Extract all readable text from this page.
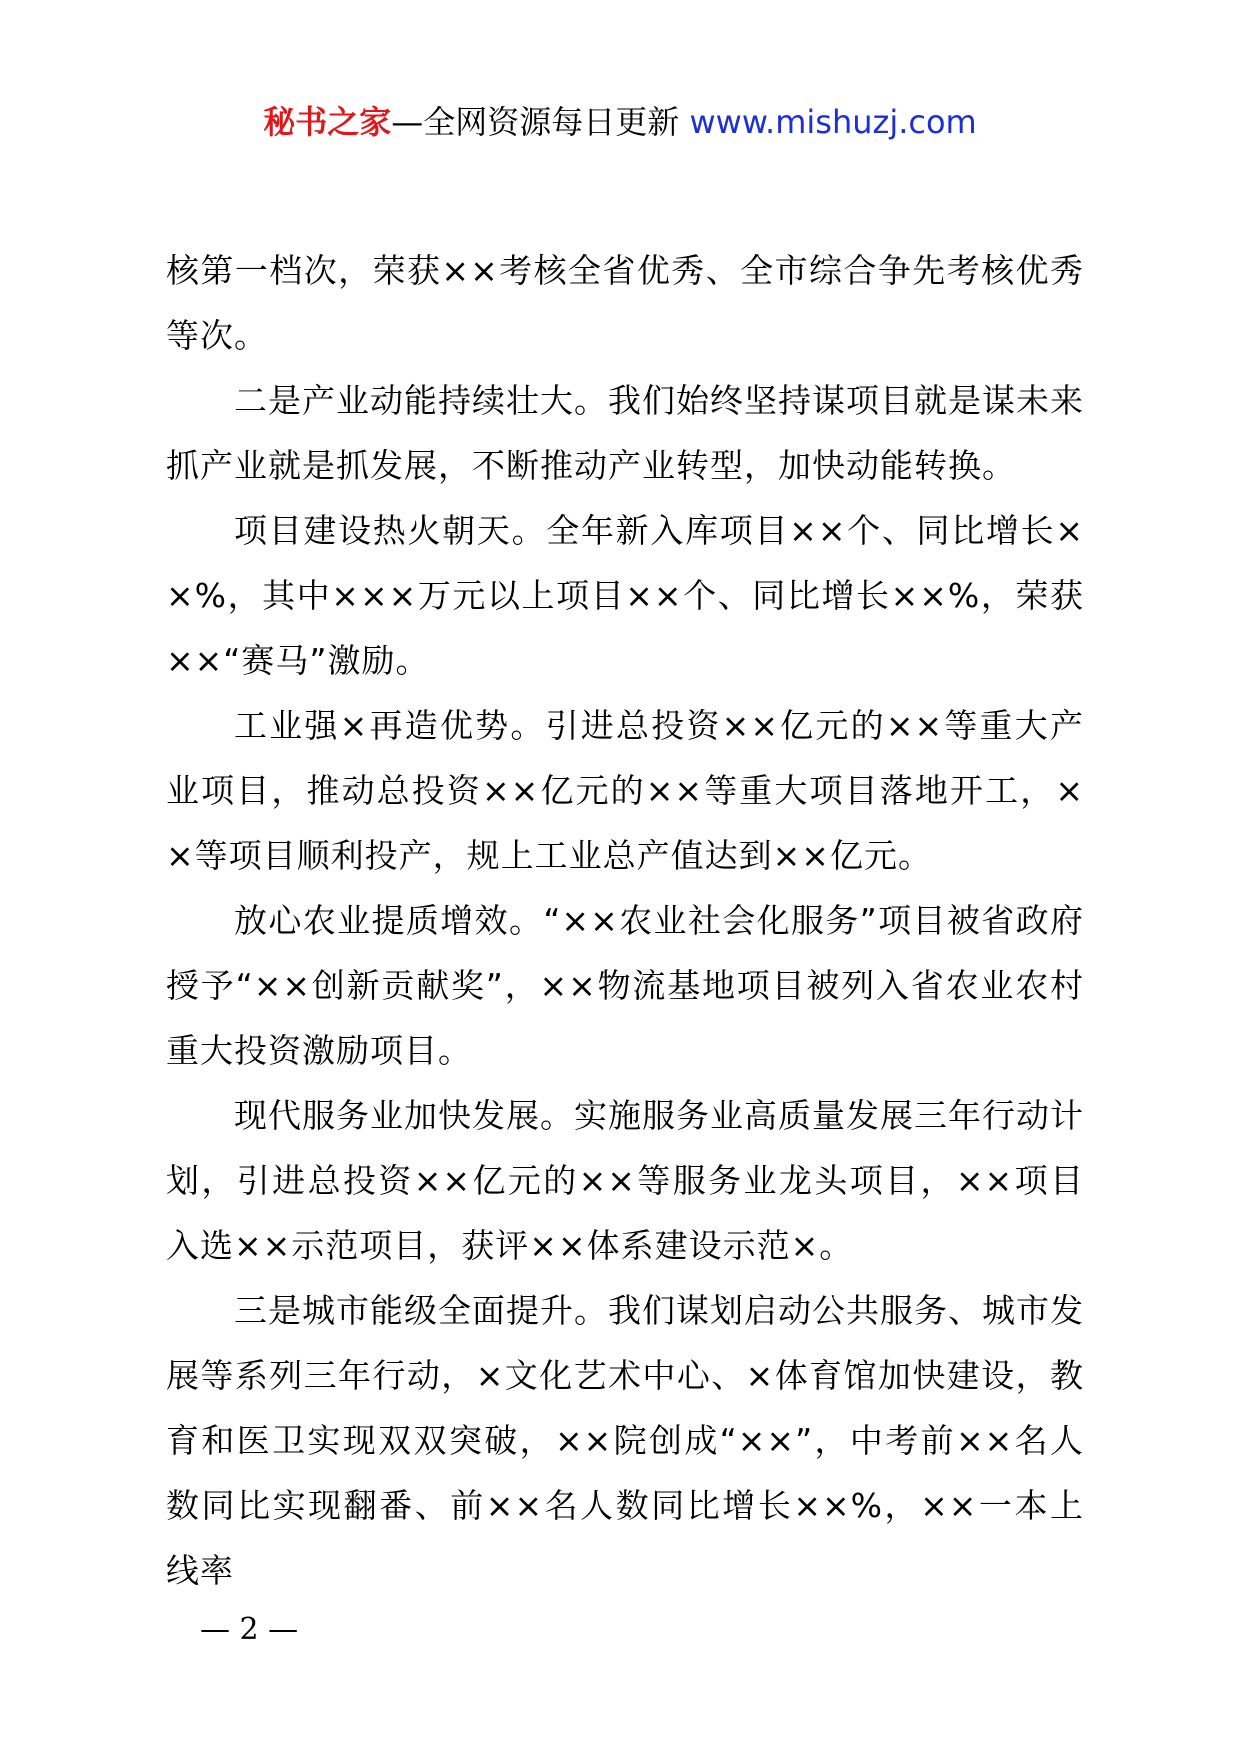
秘书之家—全网资源每日更新 www.mishuzj.com

核第一档次，荣获××考核全省优秀、全市综合争先考核优秀等次。

二是产业动能持续壮大。我们始终坚持谋项目就是谋未来抓产业就是抓发展，不断推动产业转型，加快动能转换。

项目建设热火朝天。全年新入库项目××个、同比增长××%，其中×××万元以上项目××个、同比增长××%，荣获××“赛马”激励。

工业强×再造优势。引进总投资××亿元的××等重大产业项目，推动总投资××亿元的××等重大项目落地开工，××等项目顺利投产，规上工业总产值达到××亿元。

放心农业提质增效。“××农业社会化服务”项目被省政府授予“××创新贡献奖”，××物流基地项目被列入省农业农村重大投资激励项目。

现代服务业加快发展。实施服务业高质量发展三年行动计划，引进总投资××亿元的××等服务业龙头项目，××项目入选××示范项目，获评××体系建设示范×。

三是城市能级全面提升。我们谋划启动公共服务、城市发展等系列三年行动，×文化艺术中心、×体育馆加快建设，教育和医卫实现双双突破，××院创成“××”，中考前××名人数同比实现翻番、前××名人数同比增长××%，××一本上线率

— 2 —
